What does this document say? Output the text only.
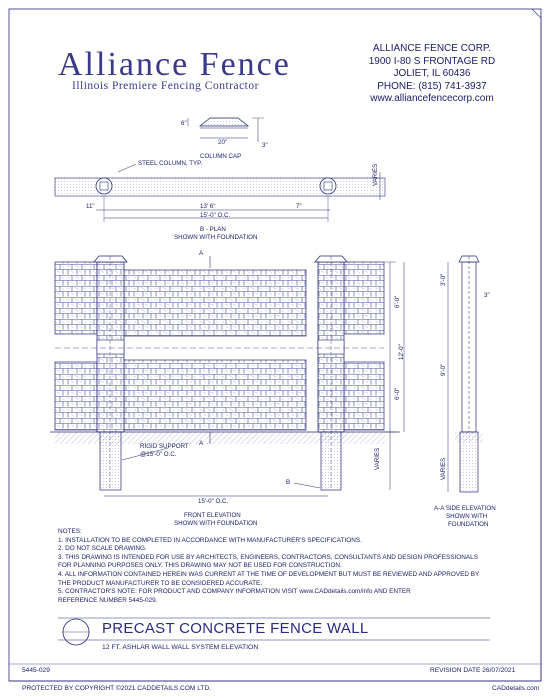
Alliance Fence
Illinois Premiere Fencing Contractor
ALLIANCE FENCE CORP.
1900 I-80 S FRONTAGE RD
JOLIET, IL 60436
PHONE: (815) 741-3937
www.alliancefencecorp.com
6"
20"	3"
COLUMN CAP
STEEL COLUMN, TYP.
13' 6"	7"
11"
15'-0" O.C.
VARIES
B - PLAN
SHOWN WITH FOUNDATION
A
A
B
6'-0"
6'-0"
12'-0"
VARIES
RIGID SUPPORT
@15'-0" O.C.
15'-0" O.C.
FRONT ELEVATION
SHOWN WITH FOUNDATION
3'-0"
3"
9'-0"
VARIES
A-A SIDE ELEVATION
SHOWN WITH
FOUNDATION
NOTES:
1. INSTALLATION TO BE COMPLETED IN ACCORDANCE WITH MANUFACTURER'S SPECIFICATIONS.
2. DO NOT SCALE DRAWING.
3. THIS DRAWING IS INTENDED FOR USE BY ARCHITECTS, ENGINEERS, CONTRACTORS, CONSULTANTS AND DESIGN PROFESSIONALS
FOR PLANNING PURPOSES ONLY. THIS DRAWING MAY NOT BE USED FOR CONSTRUCTION.
4. ALL INFORMATION CONTAINED HEREIN WAS CURRENT AT THE TIME OF DEVELOPMENT BUT MUST BE REVIEWED AND APPROVED BY
THE PRODUCT MANUFACTURER TO BE CONSIDERED ACCURATE.
5. CONTRACTOR'S NOTE: FOR PRODUCT AND COMPANY INFORMATION VISIT www.CADdetails.com/info AND ENTER
REFERENCE NUMBER 5445-029.
PRECAST CONCRETE FENCE WALL
12 FT. ASHLAR WALL WALL SYSTEM ELEVATION
5445-029	REVISION DATE 26/07/2021
PROTECTED BY COPYRIGHT ©2021 CADDETAILS.COM LTD.	CADdetails.com
